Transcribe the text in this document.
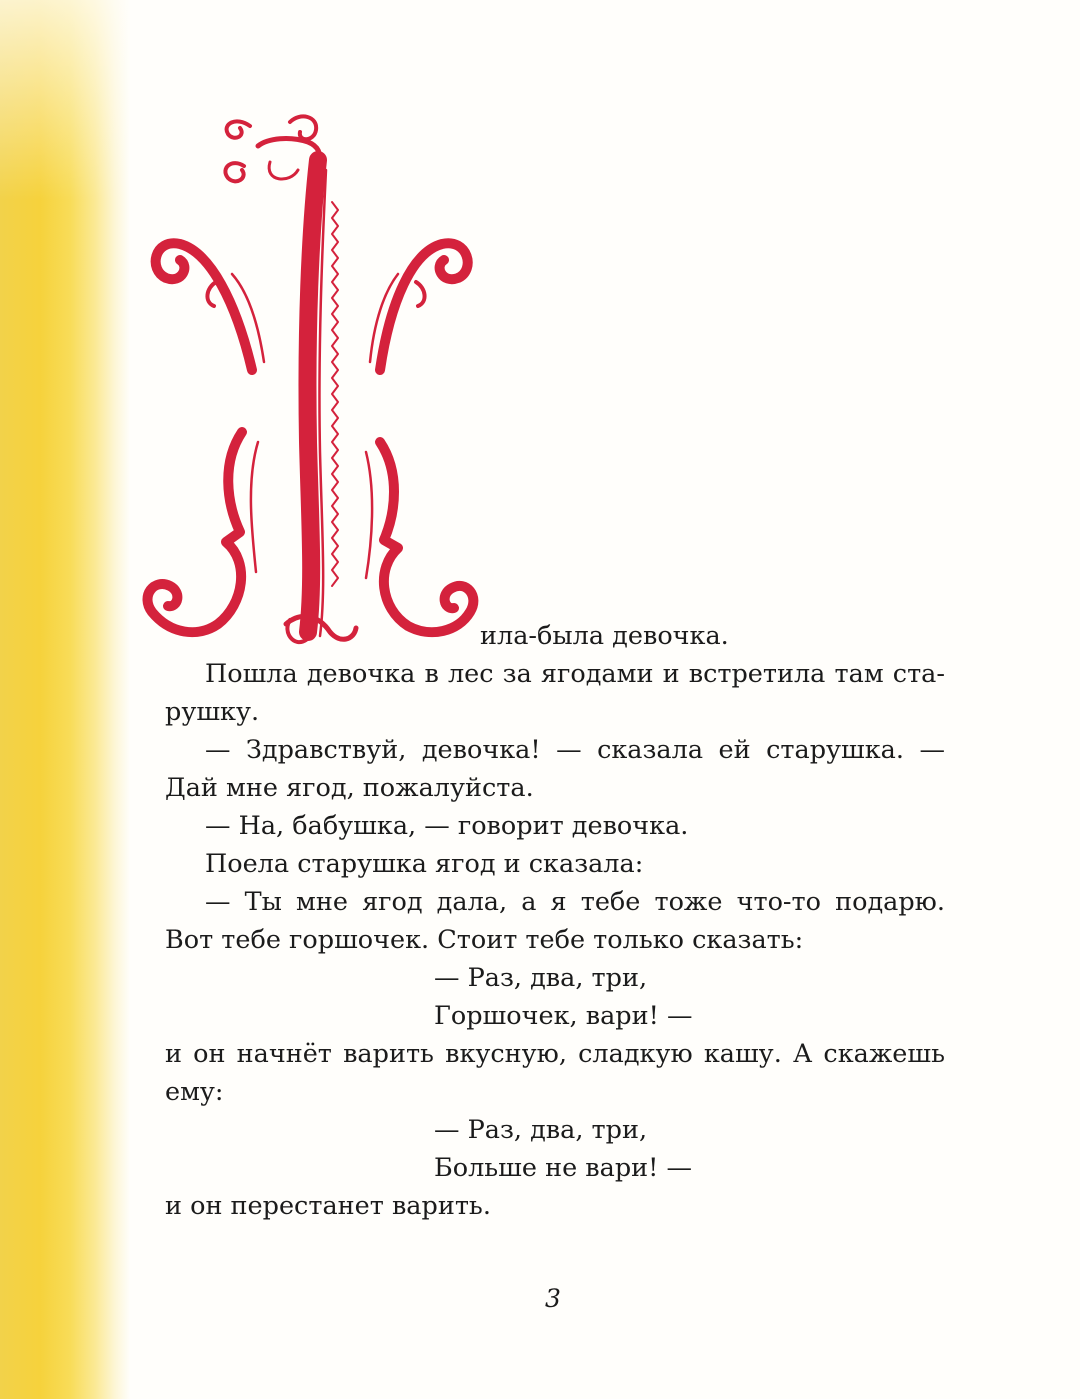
ила-была девочка.
Пошла девочка в лес за ягодами и встретила там ста-
рушку.
— Здравствуй, девочка! — сказала ей старушка. —
Дай мне ягод, пожалуйста.
— На, бабушка, — говорит девочка.
Поела старушка ягод и сказала:
— Ты мне ягод дала, а я тебе тоже что-то подарю.
Вот тебе горшочек. Стоит тебе только сказать:
— Раз, два, три,
Горшочек, вари! —
и он начнёт варить вкусную, сладкую кашу. А скажешь
ему:
— Раз, два, три,
Больше не вари! —
и он перестанет варить.
3
